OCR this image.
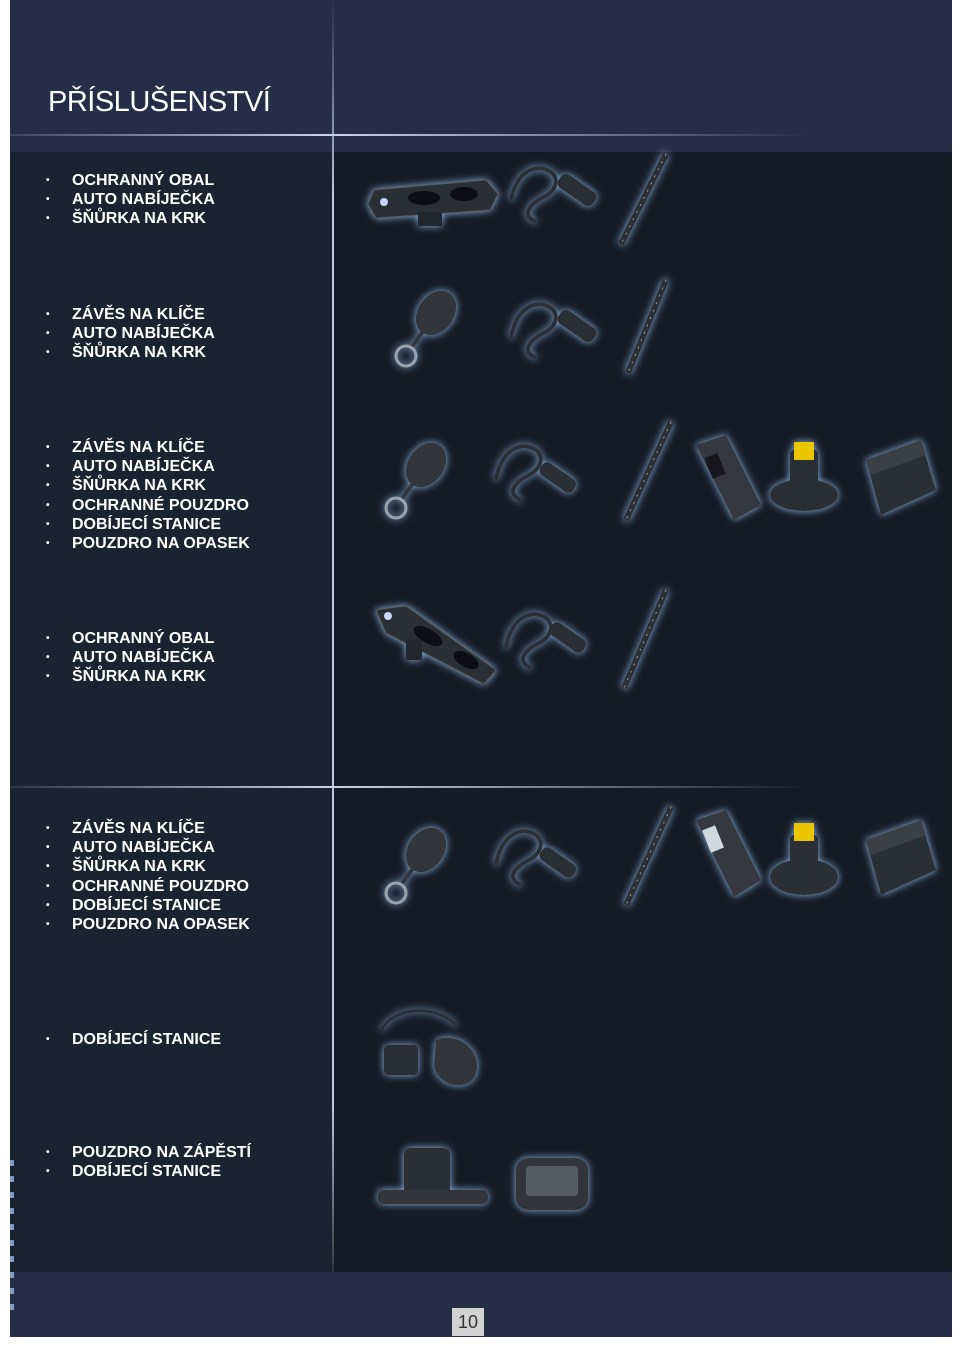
PŘÍSLUŠENSTVÍ
• OCHRANNÝ OBAL
• AUTO NABÍJEČKA
• ŠŇŮRKA NA KRK
• ZÁVĚS NA KLÍČE
• AUTO NABÍJEČKA
• ŠŇŮRKA NA KRK
• ZÁVĚS NA KLÍČE
• AUTO NABÍJEČKA
• ŠŇŮRKA NA KRK
• OCHRANNÉ POUZDRO
• DOBÍJECÍ STANICE
• POUZDRO NA OPASEK
• OCHRANNÝ OBAL
• AUTO NABÍJEČKA
• ŠŇŮRKA NA KRK
• ZÁVĚS NA KLÍČE
• AUTO NABÍJEČKA
• ŠŇŮRKA NA KRK
• OCHRANNÉ POUZDRO
• DOBÍJECÍ STANICE
• POUZDRO NA OPASEK
• DOBÍJECÍ STANICE
• POUZDRO NA ZÁPĚSTÍ
• DOBÍJECÍ STANICE
10
